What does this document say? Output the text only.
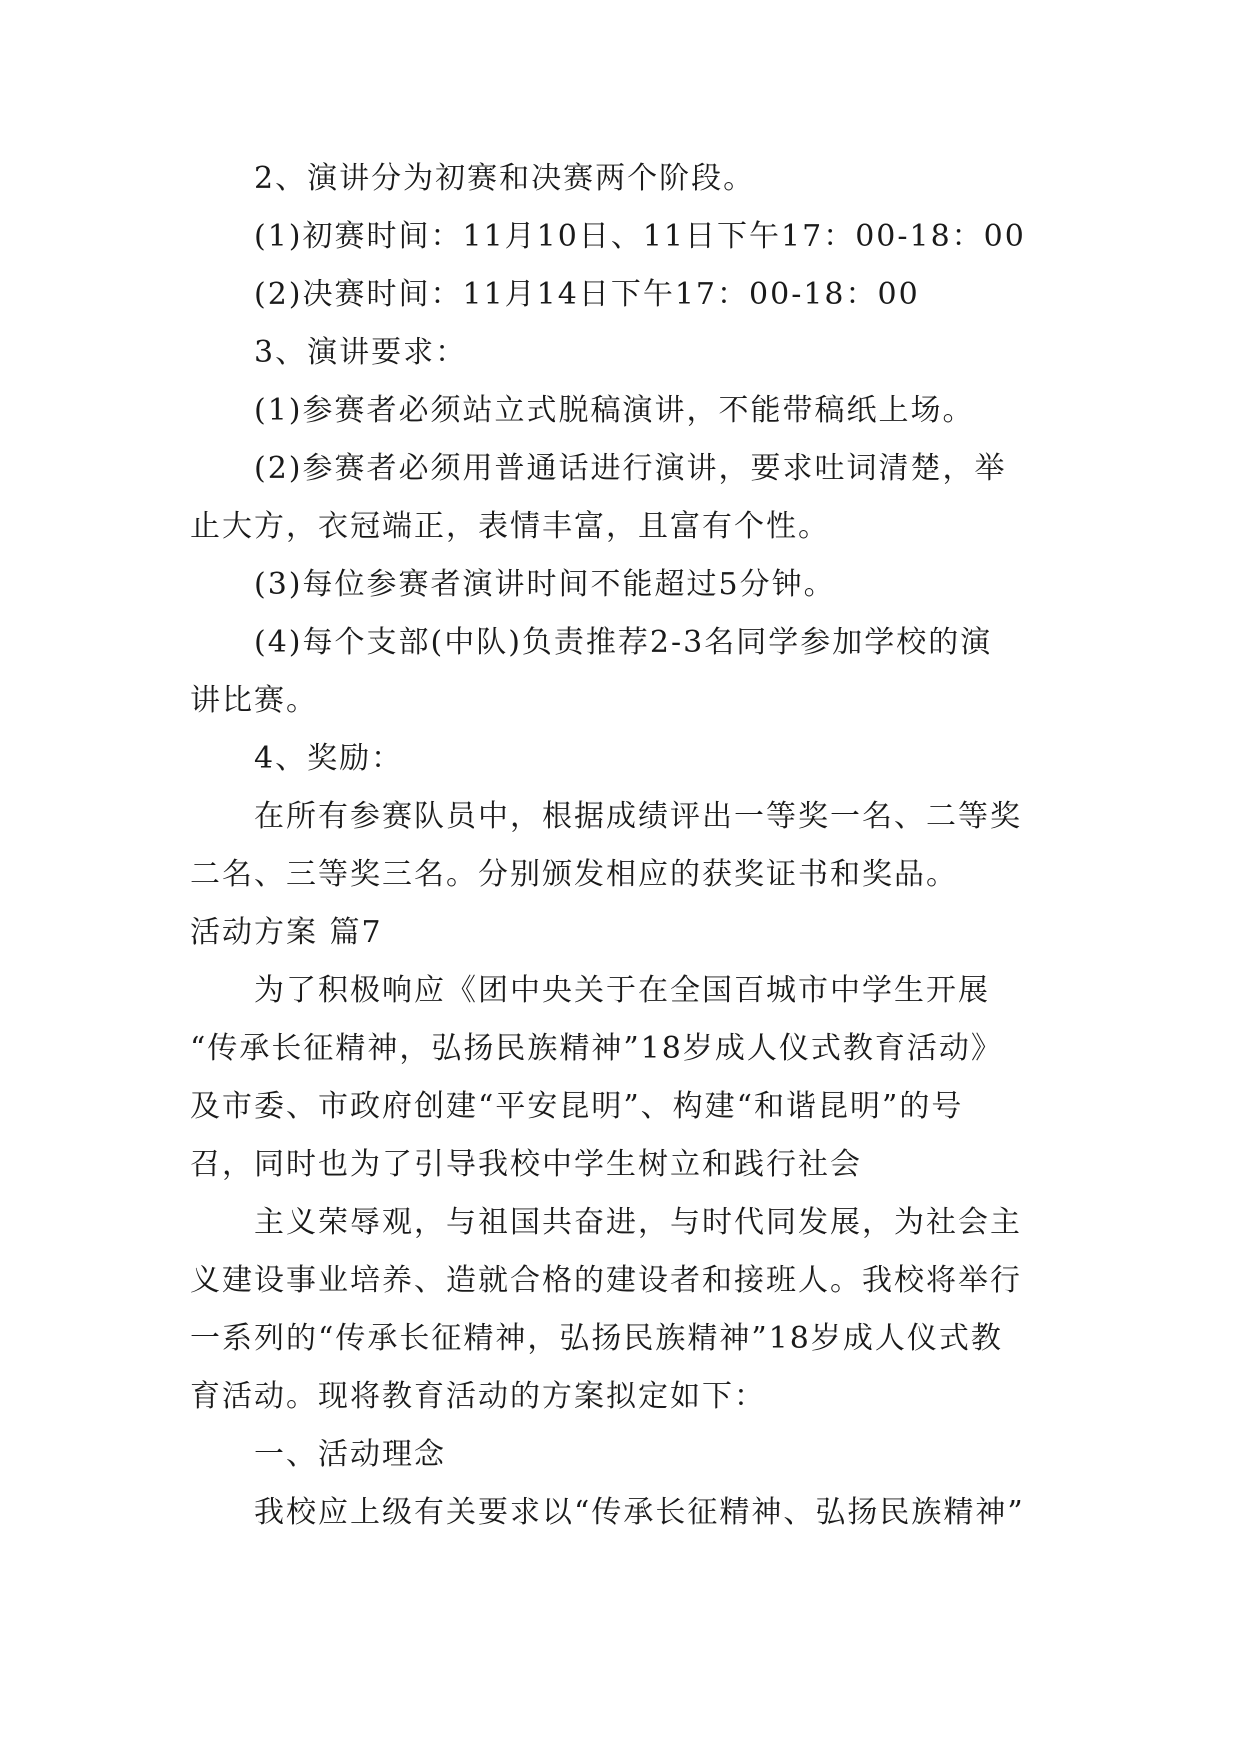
2、演讲分为初赛和决赛两个阶段。

(1)初赛时间：11月10日、11日下午17：00-18：00

(2)决赛时间：11月14日下午17：00-18：00

3、演讲要求：

(1)参赛者必须站立式脱稿演讲，不能带稿纸上场。

(2)参赛者必须用普通话进行演讲，要求吐词清楚，举
止大方，衣冠端正，表情丰富，且富有个性。

(3)每位参赛者演讲时间不能超过5分钟。

(4)每个支部(中队)负责推荐2-3名同学参加学校的演
讲比赛。

4、奖励：

在所有参赛队员中，根据成绩评出一等奖一名、二等奖
二名、三等奖三名。分别颁发相应的获奖证书和奖品。

活动方案 篇7

为了积极响应《团中央关于在全国百城市中学生开展
“传承长征精神，弘扬民族精神”18岁成人仪式教育活动》
及市委、市政府创建“平安昆明”、构建“和谐昆明”的号
召，同时也为了引导我校中学生树立和践行社会

主义荣辱观，与祖国共奋进，与时代同发展，为社会主
义建设事业培养、造就合格的建设者和接班人。我校将举行
一系列的“传承长征精神，弘扬民族精神”18岁成人仪式教
育活动。现将教育活动的方案拟定如下：

一、活动理念

我校应上级有关要求以“传承长征精神、弘扬民族精神”
